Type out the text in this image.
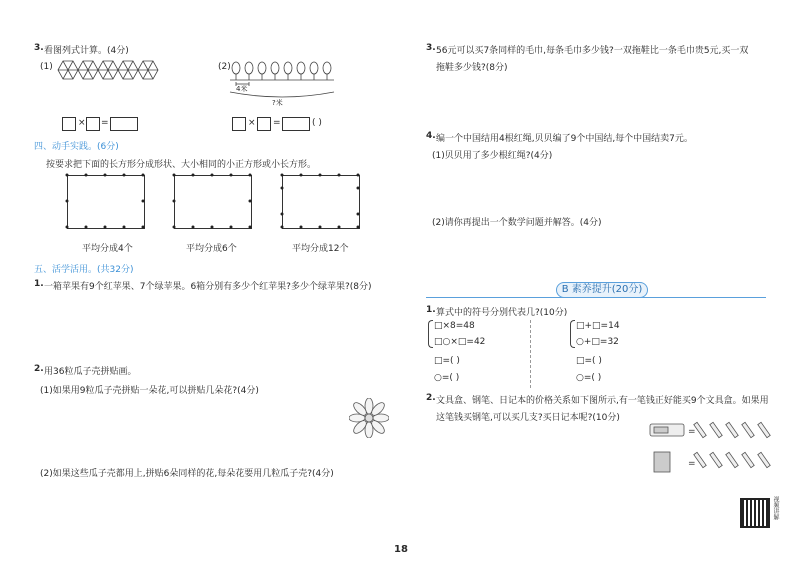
3. 看图列式计算。(4分)
(1)	(2)
4米
?米
× =	× =	( )
四、动手实践。(6分)
按要求把下面的长方形分成形状、大小相同的小正方形或小长方形。
平均分成4个	平均分成6个	平均分成12个
五、活学活用。(共32分)
1. 一箱苹果有9个红苹果、7个绿苹果。6箱分别有多少个红苹果?多少个绿苹果?(8分)
2. 用36粒瓜子壳拼贴画。
(1)如果用9粒瓜子壳拼贴一朵花,可以拼贴几朵花?(4分)
(2)如果这些瓜子壳都用上,拼贴6朵同样的花,每朵花要用几粒瓜子壳?(4分)
3. 56元可以买7条同样的毛巾,每条毛巾多少钱?一双拖鞋比一条毛巾贵5元,买一双
拖鞋多少钱?(8分)
4. 编一个中国结用4根红绳,贝贝编了9个中国结,每个中国结卖7元。
(1)贝贝用了多少根红绳?(4分)
(2)请你再提出一个数学问题并解答。(4分)
B 素养提升(20分)
1. 算式中的符号分别代表几?(10分)
□×8=48
□○×□=42
□=( )
○=( )
□+□=14
○+□=32
□=( )
○=( )
2. 文具盒、钢笔、日记本的价格关系如下图所示,有一笔钱正好能买9个文具盒。如果用
这笔钱买钢笔,可以买几支?买日记本呢?(10分)
=
=
视频讲解
18
